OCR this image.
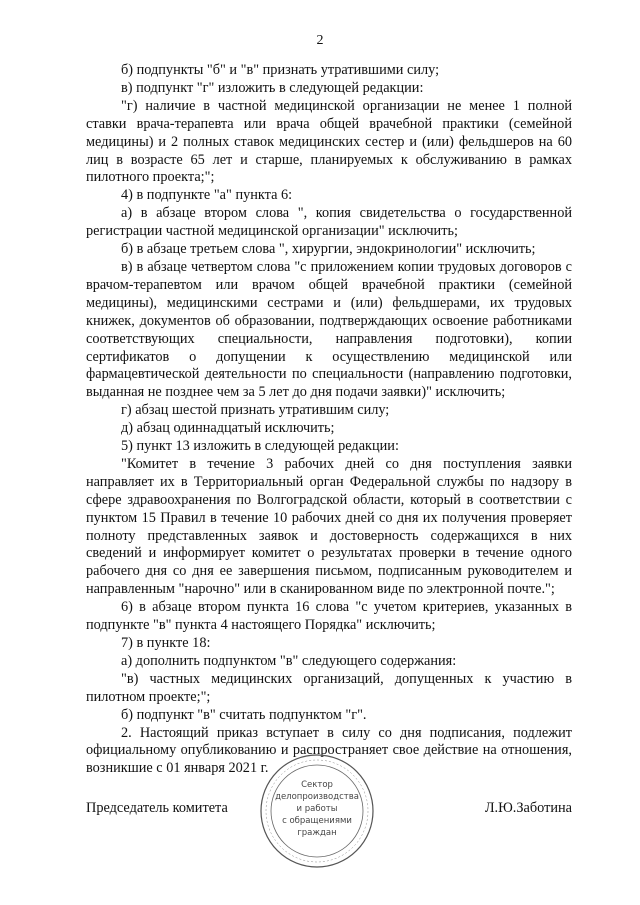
2

б) подпункты "б" и "в" признать утратившими силу;

в) подпункт "г" изложить в следующей редакции:

"г) наличие в частной медицинской организации не менее 1 полной ставки врача-терапевта или врача общей врачебной практики (семейной медицины) и 2 полных ставок медицинских сестер и (или) фельдшеров на 60 лиц в возрасте 65 лет и старше, планируемых к обслуживанию в рамках пилотного проекта;";

4) в подпункте "а" пункта 6:

а) в абзаце втором слова ", копия свидетельства о государственной регистрации частной медицинской организации" исключить;

б) в абзаце третьем слова ", хирургии, эндокринологии" исключить;

в) в абзаце четвертом слова "с приложением копии трудовых договоров с врачом-терапевтом или врачом общей врачебной практики (семейной медицины), медицинскими сестрами и (или) фельдшерами, их трудовых книжек, документов об образовании, подтверждающих освоение работниками соответствующих специальности, направления подготовки), копии сертификатов о допущении к осуществлению медицинской или фармацевтической деятельности по специальности (направлению подготовки, выданная не позднее чем за 5 лет до дня подачи заявки)" исключить;

г) абзац шестой признать утратившим силу;

д) абзац одиннадцатый исключить;

5) пункт 13 изложить в следующей редакции:

"Комитет в течение 3 рабочих дней со дня поступления заявки направляет их в Территориальный орган Федеральной службы по надзору в сфере здравоохранения по Волгоградской области, который в соответствии с пунктом 15 Правил в течение 10 рабочих дней со дня их получения проверяет полноту представленных заявок и достоверность содержащихся в них сведений и информирует комитет о результатах проверки в течение одного рабочего дня со дня ее завершения письмом, подписанным руководителем и направленным "нарочно" или в сканированном виде по электронной почте.";

6) в абзаце втором пункта 16 слова "с учетом критериев, указанных в подпункте "в" пункта 4 настоящего Порядка" исключить;

7) в пункте 18:

а) дополнить подпунктом "в" следующего содержания:

"в) частных медицинских организаций, допущенных к участию в пилотном проекте;";

б) подпункт "в" считать подпунктом "г".

2. Настоящий приказ вступает в силу со дня подписания, подлежит официальному опубликованию и распространяет свое действие на отношения, возникшие с 01 января 2021 г.

Председатель комитета	Л.Ю.Заботина
Сектор
делопроизводства
и работы
с обращениями
граждан
